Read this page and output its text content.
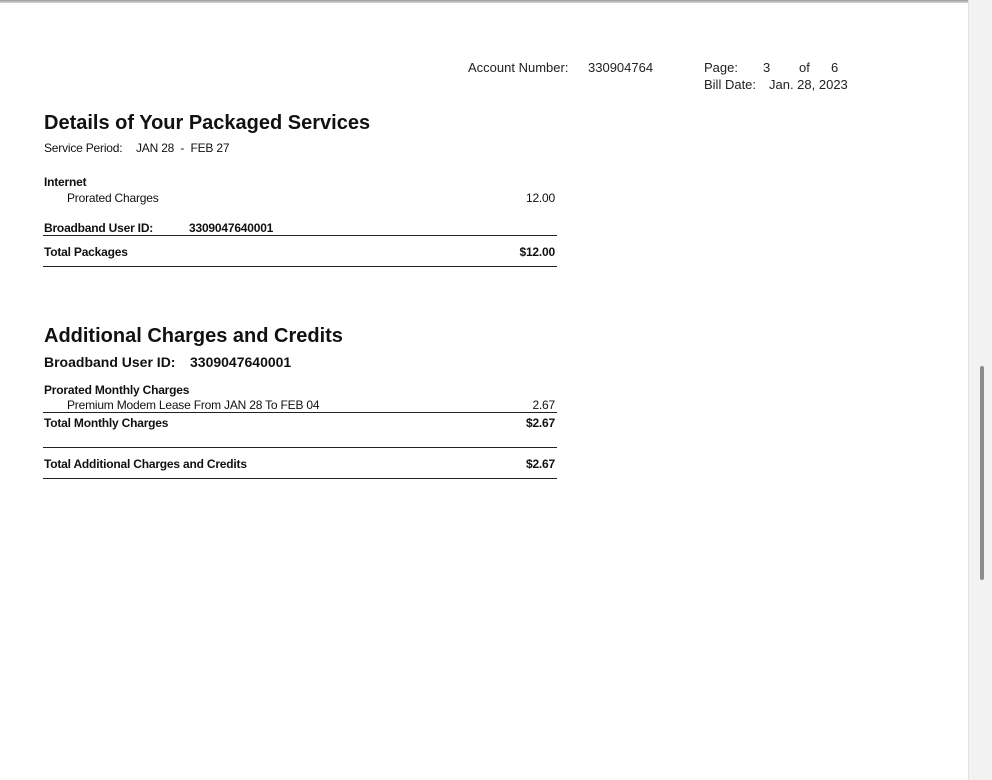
Account Number: 330904764	Page: 3 of 6
Bill Date: Jan. 28, 2023
Details of Your Packaged Services
Service Period: JAN 28  -  FEB 27
Internet
Prorated Charges	12.00
Broadband User ID:	3309047640001
Total Packages	$12.00
Additional Charges and Credits
Broadband User ID: 3309047640001
Prorated Monthly Charges
Premium Modem Lease From JAN 28 To FEB 04	2.67
Total Monthly Charges	$2.67
Total Additional Charges and Credits	$2.67
